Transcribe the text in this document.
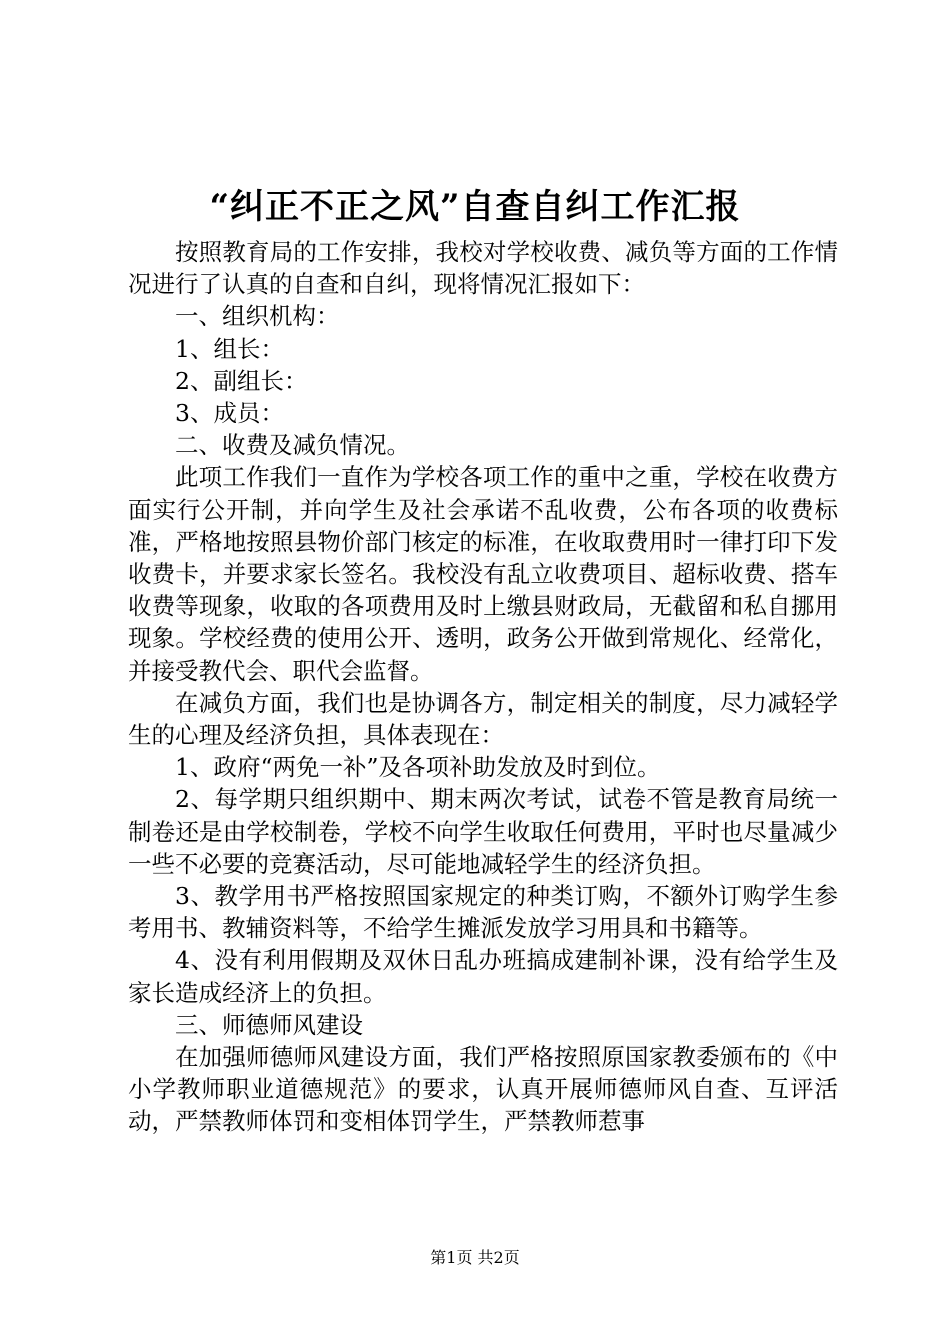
“纠正不正之风”自查自纠工作汇报

按照教育局的工作安排，我校对学校收费、减负等方面的工作情况进行了认真的自查和自纠，现将情况汇报如下：

一、组织机构：

1、组长：

2、副组长：

3、成员：

二、收费及减负情况。

此项工作我们一直作为学校各项工作的重中之重，学校在收费方面实行公开制，并向学生及社会承诺不乱收费，公布各项的收费标准，严格地按照县物价部门核定的标准，在收取费用时一律打印下发收费卡，并要求家长签名。我校没有乱立收费项目、超标收费、搭车收费等现象，收取的各项费用及时上缴县财政局，无截留和私自挪用现象。学校经费的使用公开、透明，政务公开做到常规化、经常化，并接受教代会、职代会监督。

在减负方面，我们也是协调各方，制定相关的制度，尽力减轻学生的心理及经济负担，具体表现在：

1、政府“两免一补”及各项补助发放及时到位。

2、每学期只组织期中、期末两次考试，试卷不管是教育局统一制卷还是由学校制卷，学校不向学生收取任何费用，平时也尽量减少一些不必要的竞赛活动，尽可能地减轻学生的经济负担。

3、教学用书严格按照国家规定的种类订购，不额外订购学生参考用书、教辅资料等，不给学生摊派发放学习用具和书籍等。

4、没有利用假期及双休日乱办班搞成建制补课，没有给学生及家长造成经济上的负担。

三、师德师风建设

在加强师德师风建设方面，我们严格按照原国家教委颁布的《中小学教师职业道德规范》的要求，认真开展师德师风自查、互评活动，严禁教师体罚和变相体罚学生，严禁教师惹事

第1页 共2页
